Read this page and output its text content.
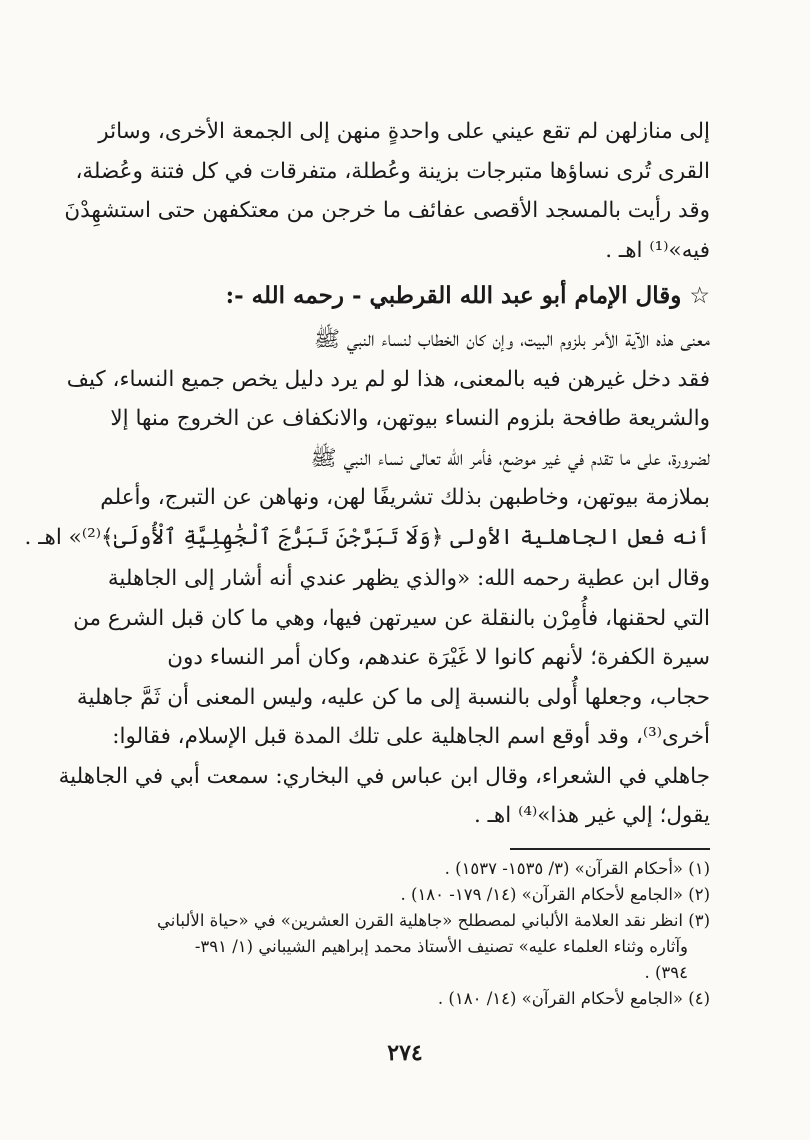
إلى منازلهن لم تقع عيني على واحدةٍ منهن إلى الجمعة الأخرى، وسائر
القرى تُرى نساؤها متبرجات بزينة وعُطلة، متفرقات في كل فتنة وعُضلة،
وقد رأيت بالمسجد الأقصى عفائف ما خرجن من معتكفهن حتى استشهِدْنَ
فيه»⁽¹⁾ اهـ .

☆وقال الإمام أبو عبد الله القرطبي - رحمه الله -:

معنى هذه الآية الأمر بلزوم البيت، وإن كان الخطاب لنساء النبي ﷺ
فقد دخل غيرهن فيه بالمعنى، هذا لو لم يرد دليل يخص جميع النساء، كيف
والشريعة طافحة بلزوم النساء بيوتهن، والانكفاف عن الخروج منها إلا
لضرورة، على ما تقدم في غير موضع، فأمر الله تعالى نساء النبي ﷺ
بملازمة بيوتهن، وخاطبهن بذلك تشريفًا لهن، ونهاهن عن التبرج، وأعلم
أنه فعل الجاهلية الأولى ﴿وَلَا تَبَرَّجْنَ تَبَرُّجَ ٱلْجَٰهِلِيَّةِ ٱلْأُولَىٰ﴾⁽²⁾» اهـ .

وقال ابن عطية رحمه الله: «والذي يظهر عندي أنه أشار إلى الجاهلية
التي لحقنها، فأُمِرْن بالنقلة عن سيرتهن فيها، وهي ما كان قبل الشرع من
سيرة الكفرة؛ لأنهم كانوا لا غَيْرَة عندهم، وكان أمر النساء دون
حجاب، وجعلها أُولى بالنسبة إلى ما كن عليه، وليس المعنى أن ثَمَّ جاهلية
أخرى⁽³⁾، وقد أوقع اسم الجاهلية على تلك المدة قبل الإسلام، فقالوا:
جاهلي في الشعراء، وقال ابن عباس في البخاري: سمعت أبي في الجاهلية
يقول؛ إلي غير هذا»⁽⁴⁾ اهـ .

(١) «أحكام القرآن» (٣/ ١٥٣٥- ١٥٣٧) .
(٢) «الجامع لأحكام القرآن» (١٤/ ١٧٩- ١٨٠) .
(٣) انظر نقد العلامة الألباني لمصطلح «جاهلية القرن العشرين» في «حياة الألباني
وآثاره وثناء العلماء عليه» تصنيف الأستاذ محمد إبراهيم الشيباني (١/ ٣٩١-
٣٩٤) .
(٤) «الجامع لأحكام القرآن» (١٤/ ١٨٠) .
٢٧٤
